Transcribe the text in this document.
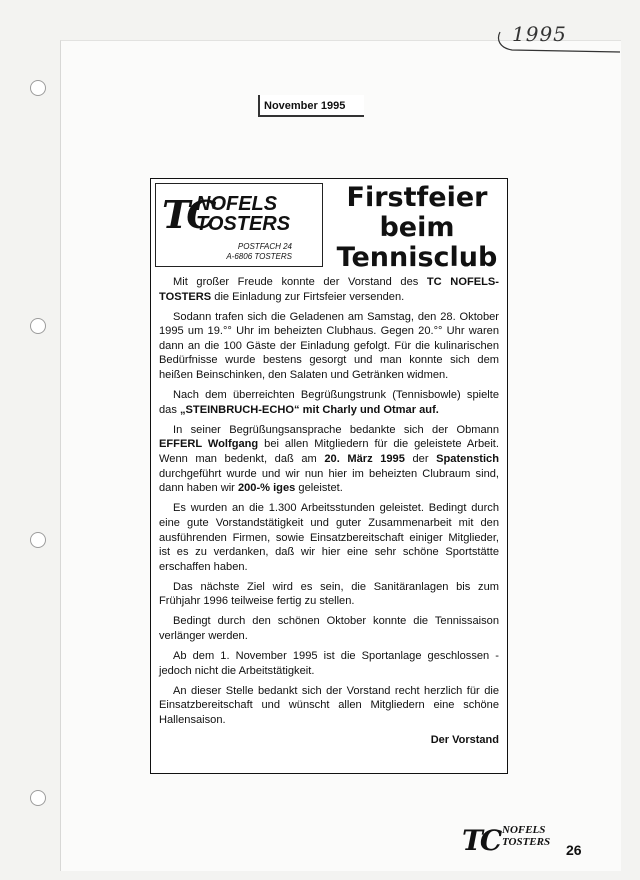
1995
November 1995
TC
NOFELS
TOSTERS
POSTFACH 24
A-6806 TOSTERS
Firstfeier
beim
Tennisclub

Mit großer Freude konnte der Vorstand des TC NOFELS-TOSTERS die Einladung zur Firtsfeier versenden.

Sodann trafen sich die Geladenen am Samstag, den 28. Oktober 1995 um 19.°° Uhr im beheizten Clubhaus. Gegen 20.°° Uhr waren dann an die 100 Gäste der Einladung gefolgt. Für die kulinarischen Bedürfnisse wurde bestens gesorgt und man konnte sich dem heißen Beinschinken, den Salaten und Getränken widmen.

Nach dem überreichten Begrüßungstrunk (Tennisbowle) spielte das „STEINBRUCH-ECHO“ mit Charly und Otmar auf.

In seiner Begrüßungsansprache bedankte sich der Obmann EFFERL Wolfgang bei allen Mitgliedern für die geleistete Arbeit. Wenn man bedenkt, daß am 20. März 1995 der Spatenstich durchgeführt wurde und wir nun hier im beheizten Clubraum sind, dann haben wir 200-% iges geleistet.

Es wurden an die 1.300 Arbeitsstunden geleistet. Bedingt durch eine gute Vorstandstätigkeit und guter Zusammenarbeit mit den ausführenden Firmen, sowie Einsatzbereitschaft einiger Mitglieder, ist es zu verdanken, daß wir hier eine sehr schöne Sportstätte erschaffen haben.

Das nächste Ziel wird es sein, die Sanitäranlagen bis zum Frühjahr 1996 teilweise fertig zu stellen.

Bedingt durch den schönen Oktober konnte die Tennissaison verlänger werden.

Ab dem 1. November 1995 ist die Sportanlage geschlossen - jedoch nicht die Arbeitstätigkeit.

An dieser Stelle bedankt sich der Vorstand recht herzlich für die Einsatzbereitschaft und wünscht allen Mitgliedern eine schöne Hallensaison.

Der Vorstand
TC NOFELS
TOSTERS 26
